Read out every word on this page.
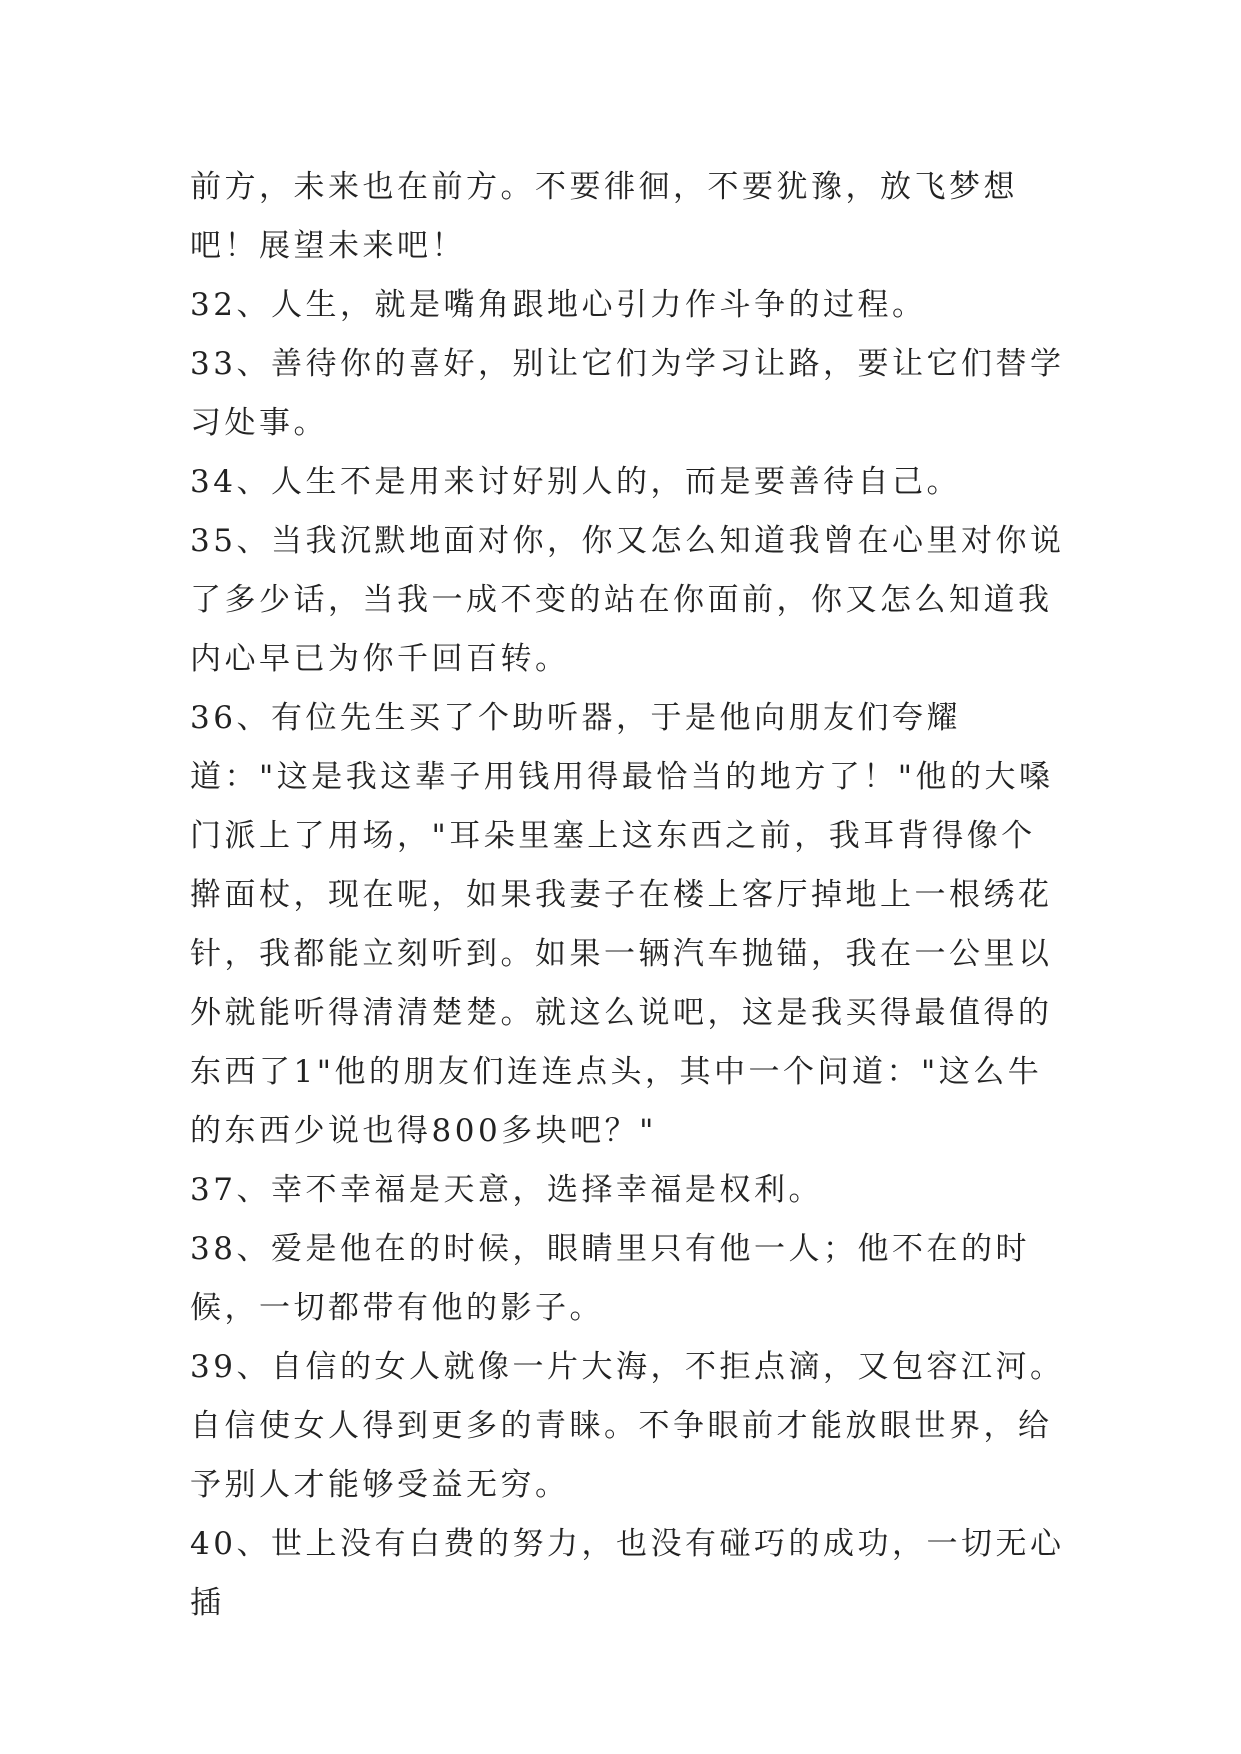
前方，未来也在前方。不要徘徊，不要犹豫，放飞梦想吧！展望未来吧！

32、人生，就是嘴角跟地心引力作斗争的过程。

33、善待你的喜好，别让它们为学习让路，要让它们替学习处事。

34、人生不是用来讨好别人的，而是要善待自己。

35、当我沉默地面对你，你又怎么知道我曾在心里对你说了多少话，当我一成不变的站在你面前，你又怎么知道我内心早已为你千回百转。

36、有位先生买了个助听器，于是他向朋友们夸耀道："这是我这辈子用钱用得最恰当的地方了！"他的大嗓门派上了用场，"耳朵里塞上这东西之前，我耳背得像个擀面杖，现在呢，如果我妻子在楼上客厅掉地上一根绣花针，我都能立刻听到。如果一辆汽车抛锚，我在一公里以外就能听得清清楚楚。就这么说吧，这是我买得最值得的东西了1"他的朋友们连连点头，其中一个问道："这么牛的东西少说也得800多块吧？"

37、幸不幸福是天意，选择幸福是权利。

38、爱是他在的时候，眼睛里只有他一人；他不在的时候，一切都带有他的影子。

39、自信的女人就像一片大海，不拒点滴，又包容江河。自信使女人得到更多的青睐。不争眼前才能放眼世界，给予别人才能够受益无穷。

40、世上没有白费的努力，也没有碰巧的成功，一切无心插
